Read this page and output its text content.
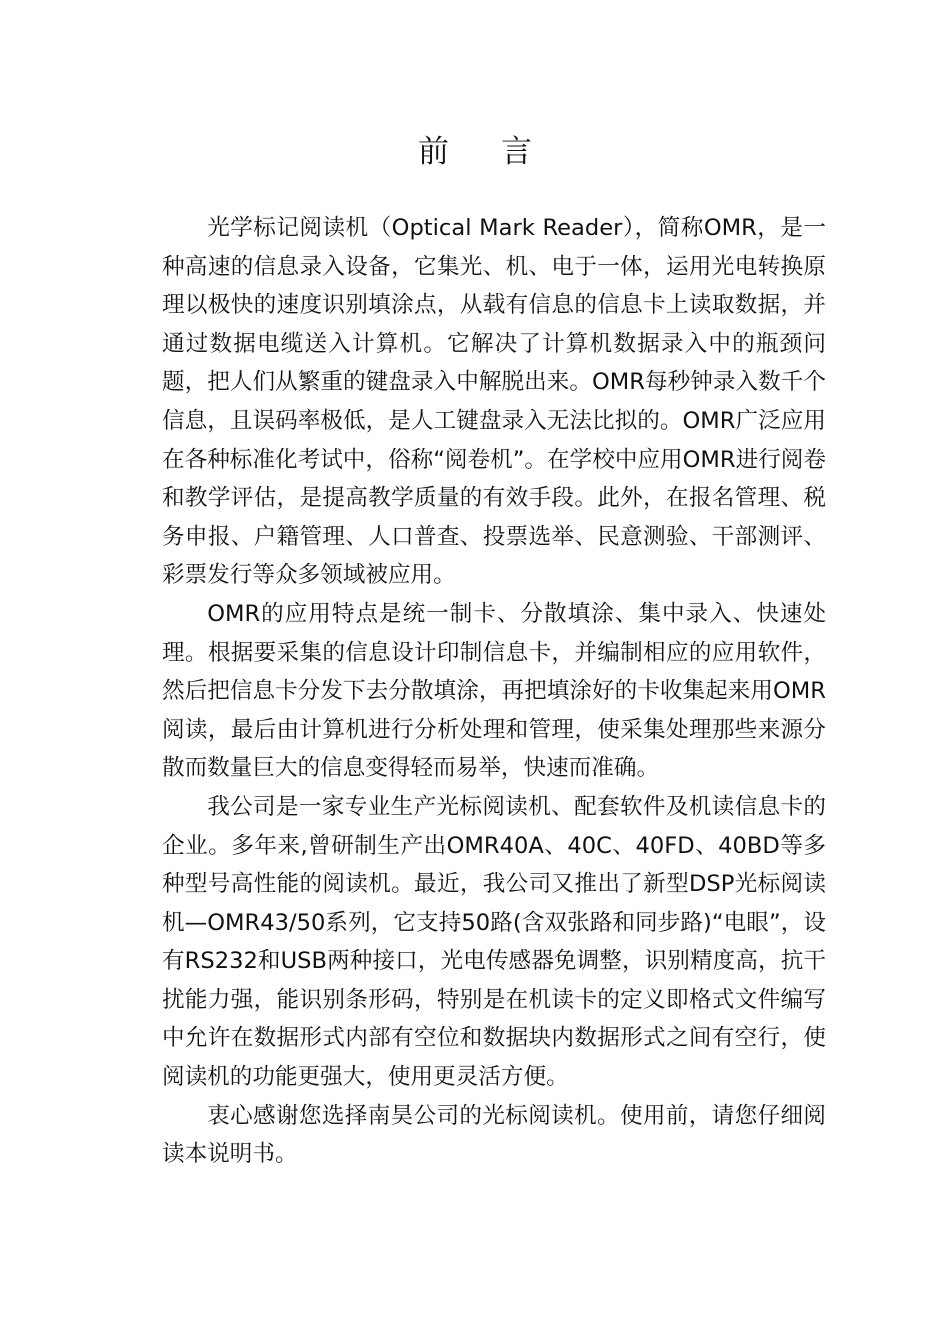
前言

光学标记阅读机（Optical Mark Reader），简称OMR，是一种高速的信息录入设备，它集光、机、电于一体，运用光电转换原理以极快的速度识别填涂点，从载有信息的信息卡上读取数据，并通过数据电缆送入计算机。它解决了计算机数据录入中的瓶颈问题，把人们从繁重的键盘录入中解脱出来。OMR每秒钟录入数千个信息，且误码率极低，是人工键盘录入无法比拟的。OMR广泛应用在各种标准化考试中，俗称“阅卷机”。在学校中应用OMR进行阅卷和教学评估，是提高教学质量的有效手段。此外，在报名管理、税务申报、户籍管理、人口普查、投票选举、民意测验、干部测评、彩票发行等众多领域被应用。

OMR的应用特点是统一制卡、分散填涂、集中录入、快速处理。根据要采集的信息设计印制信息卡，并编制相应的应用软件，然后把信息卡分发下去分散填涂，再把填涂好的卡收集起来用OMR阅读，最后由计算机进行分析处理和管理，使采集处理那些来源分散而数量巨大的信息变得轻而易举，快速而准确。

我公司是一家专业生产光标阅读机、配套软件及机读信息卡的企业。多年来,曾研制生产出OMR40A、40C、40FD、40BD等多种型号高性能的阅读机。最近，我公司又推出了新型DSP光标阅读机—OMR43/50系列，它支持50路(含双张路和同步路)“电眼”，设有RS232和USB两种接口，光电传感器免调整，识别精度高，抗干扰能力强，能识别条形码，特别是在机读卡的定义即格式文件编写中允许在数据形式内部有空位和数据块内数据形式之间有空行，使阅读机的功能更强大，使用更灵活方便。

衷心感谢您选择南昊公司的光标阅读机。使用前，请您仔细阅读本说明书。
